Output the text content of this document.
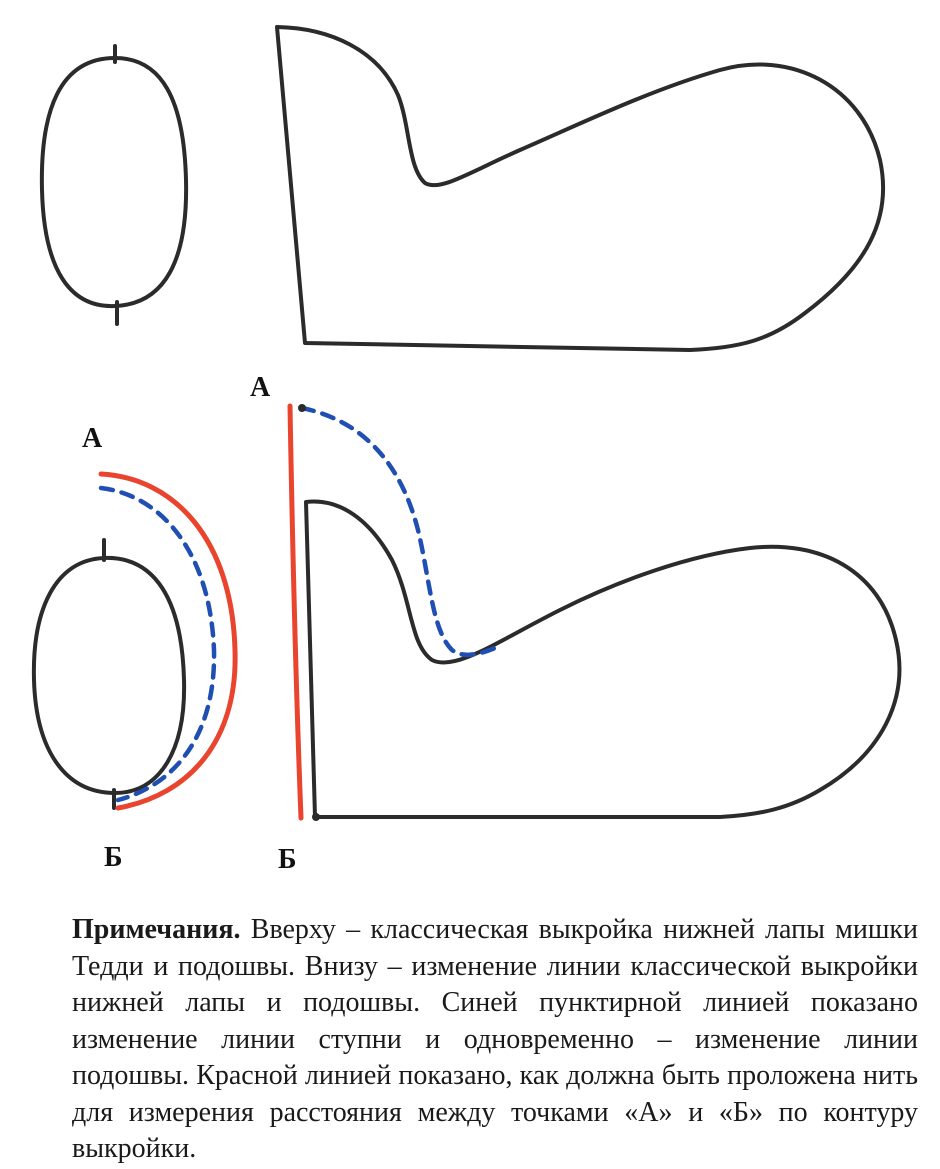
А
А
Б	Б
Примечания. Вверху – классическая выкройка нижней лапы мишки Тедди и подошвы. Внизу – изменение линии классической выкройки нижней лапы и подошвы. Синей пунктирной линией показано изменение линии ступни и одновременно – изменение линии подошвы. Красной линией показано, как должна быть проложена нить для измерения расстояния между точками «А» и «Б» по контуру выкройки.
